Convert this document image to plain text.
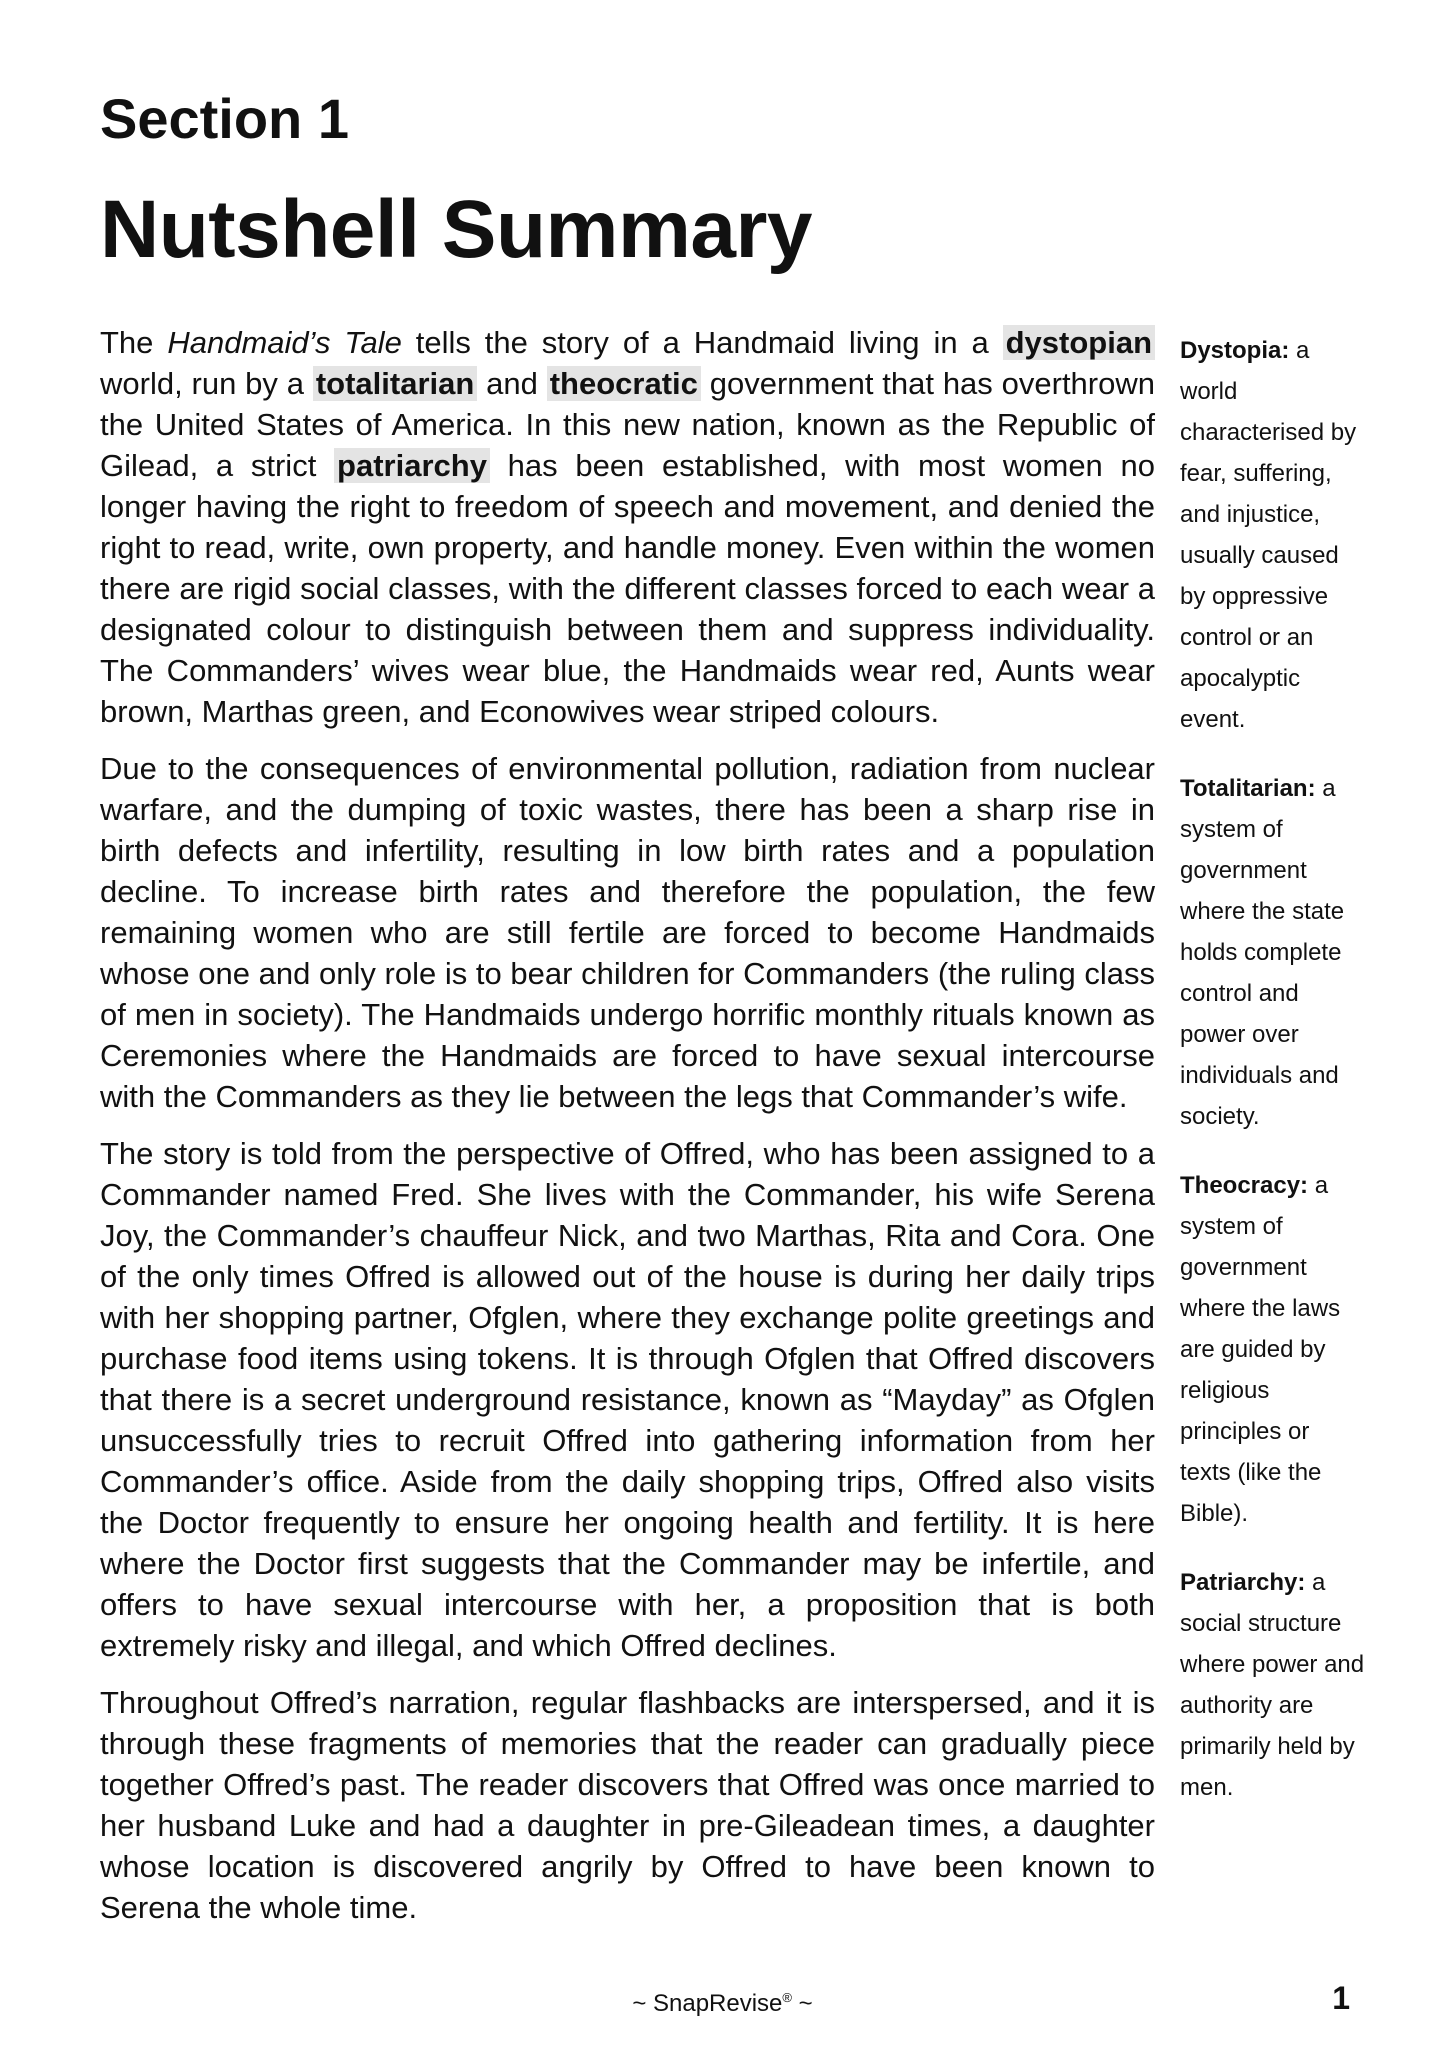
Section 1
Nutshell Summary

The Handmaid’s Tale tells the story of a Handmaid living in a dystopian world, run by a totalitarian and theocratic government that has overthrown the United States of America. In this new nation, known as the Republic of Gilead, a strict patriarchy has been established, with most women no longer having the right to freedom of speech and movement, and denied the right to read, write, own property, and handle money. Even within the women there are rigid social classes, with the different classes forced to each wear a designated colour to distinguish between them and suppress individuality. The Commanders’ wives wear blue, the Handmaids wear red, Aunts wear brown, Marthas green, and Econowives wear striped colours.

Due to the consequences of environmental pollution, radiation from nuclear warfare, and the dumping of toxic wastes, there has been a sharp rise in birth defects and infertility, resulting in low birth rates and a population decline. To increase birth rates and therefore the population, the few remaining women who are still fertile are forced to become Handmaids whose one and only role is to bear children for Commanders (the ruling class of men in society). The Handmaids undergo horrific monthly rituals known as Ceremonies where the Handmaids are forced to have sexual intercourse with the Commanders as they lie between the legs that Commander’s wife.

The story is told from the perspective of Offred, who has been assigned to a Commander named Fred. She lives with the Commander, his wife Serena Joy, the Commander’s chauffeur Nick, and two Marthas, Rita and Cora. One of the only times Offred is allowed out of the house is during her daily trips with her shopping partner, Ofglen, where they exchange polite greetings and purchase food items using tokens. It is through Ofglen that Offred discovers that there is a secret underground resistance, known as “Mayday” as Ofglen unsuccessfully tries to recruit Offred into gathering information from her Commander’s office. Aside from the daily shopping trips, Offred also visits the Doctor frequently to ensure her ongoing health and fertility. It is here where the Doctor first suggests that the Commander may be infertile, and offers to have sexual intercourse with her, a proposition that is both extremely risky and illegal, and which Offred declines.

Throughout Offred’s narration, regular flashbacks are interspersed, and it is through these fragments of memories that the reader can gradually piece together Offred’s past. The reader discovers that Offred was once married to her husband Luke and had a daughter in pre-Gileadean times, a daughter whose location is discovered angrily by Offred to have been known to Serena the whole time.

Dystopia: a world characterised by fear, suffering, and injustice, usually caused by oppressive control or an apocalyptic event.
Totalitarian: a system of government where the state holds complete control and power over individuals and society.
Theocracy: a system of government where the laws are guided by religious principles or texts (like the Bible).
Patriarchy: a social structure where power and authority are primarily held by men.
~ SnapRevise® ~	1
